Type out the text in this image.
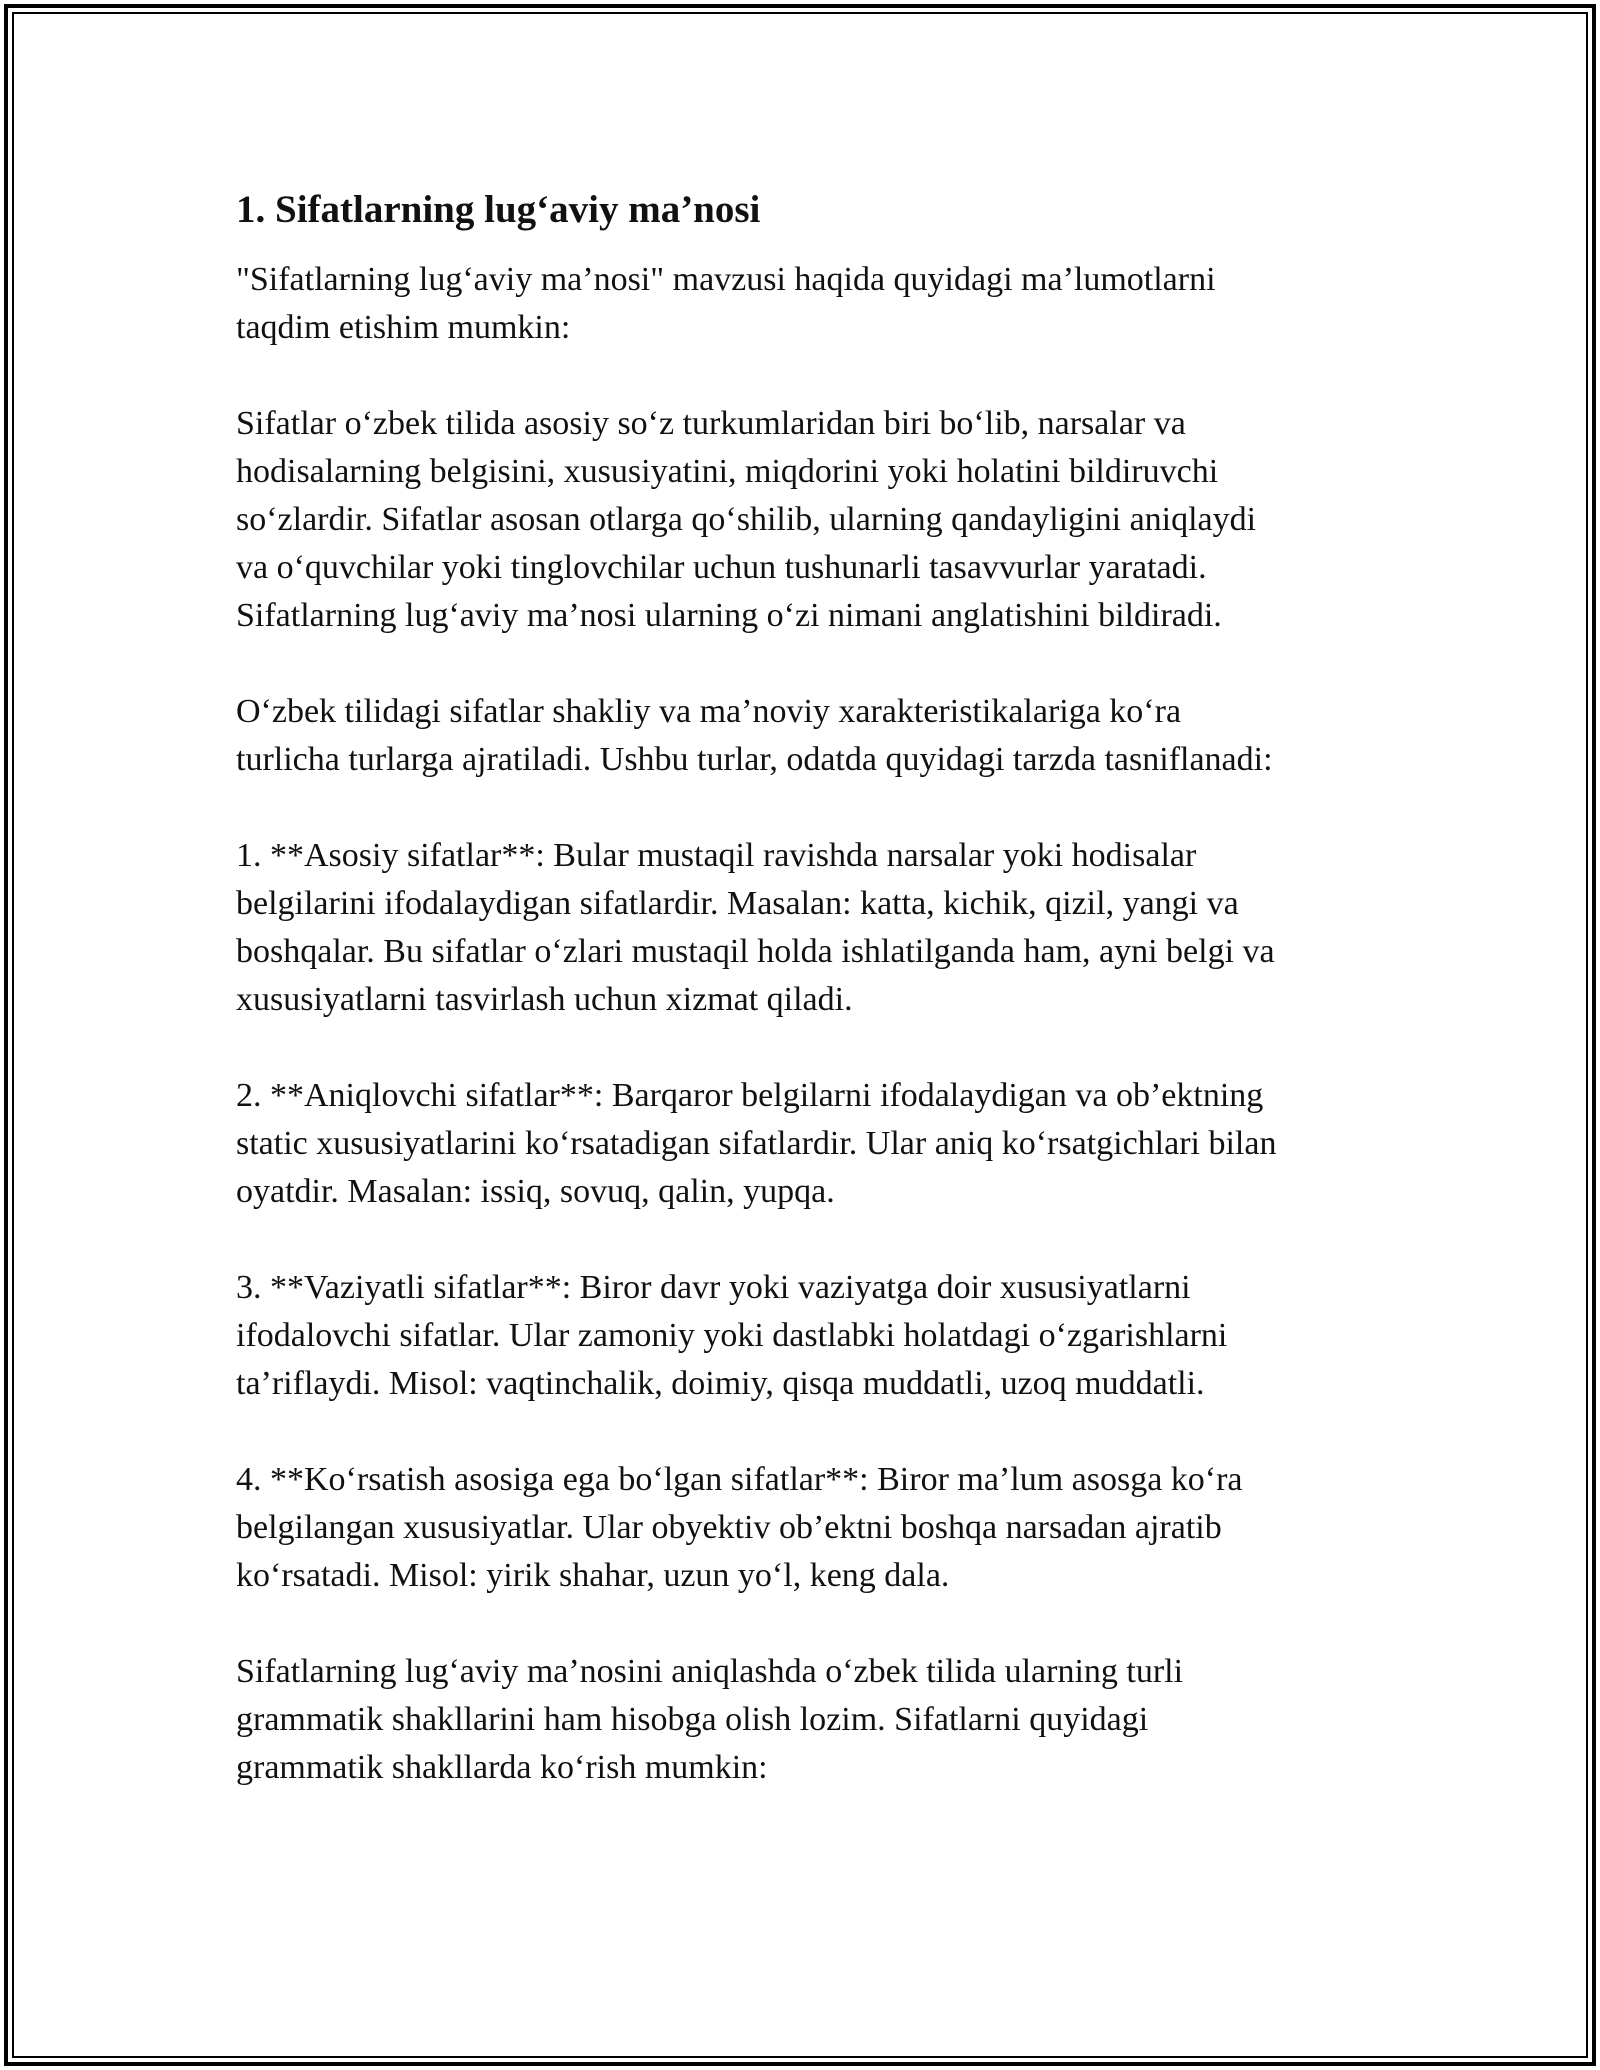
1. Sifatlarning lug‘aviy ma’nosi
"Sifatlarning lug‘aviy ma’nosi" mavzusi haqida quyidagi ma’lumotlarni
taqdim etishim mumkin:
Sifatlar o‘zbek tilida asosiy so‘z turkumlaridan biri bo‘lib, narsalar va
hodisalarning belgisini, xususiyatini, miqdorini yoki holatini bildiruvchi
so‘zlardir. Sifatlar asosan otlarga qo‘shilib, ularning qandayligini aniqlaydi
va o‘quvchilar yoki tinglovchilar uchun tushunarli tasavvurlar yaratadi.
Sifatlarning lug‘aviy ma’nosi ularning o‘zi nimani anglatishini bildiradi.
O‘zbek tilidagi sifatlar shakliy va ma’noviy xarakteristikalariga ko‘ra
turlicha turlarga ajratiladi. Ushbu turlar, odatda quyidagi tarzda tasniflanadi:
1. **Asosiy sifatlar**: Bular mustaqil ravishda narsalar yoki hodisalar
belgilarini ifodalaydigan sifatlardir. Masalan: katta, kichik, qizil, yangi va
boshqalar. Bu sifatlar o‘zlari mustaqil holda ishlatilganda ham, ayni belgi va
xususiyatlarni tasvirlash uchun xizmat qiladi.
2. **Aniqlovchi sifatlar**: Barqaror belgilarni ifodalaydigan va ob’ektning
static xususiyatlarini ko‘rsatadigan sifatlardir. Ular aniq ko‘rsatgichlari bilan
oyatdir. Masalan: issiq, sovuq, qalin, yupqa.
3. **Vaziyatli sifatlar**: Biror davr yoki vaziyatga doir xususiyatlarni
ifodalovchi sifatlar. Ular zamoniy yoki dastlabki holatdagi o‘zgarishlarni
ta’riflaydi. Misol: vaqtinchalik, doimiy, qisqa muddatli, uzoq muddatli.
4. **Ko‘rsatish asosiga ega bo‘lgan sifatlar**: Biror ma’lum asosga ko‘ra
belgilangan xususiyatlar. Ular obyektiv ob’ektni boshqa narsadan ajratib
ko‘rsatadi. Misol: yirik shahar, uzun yo‘l, keng dala.
Sifatlarning lug‘aviy ma’nosini aniqlashda o‘zbek tilida ularning turli
grammatik shakllarini ham hisobga olish lozim. Sifatlarni quyidagi
grammatik shakllarda ko‘rish mumkin:
